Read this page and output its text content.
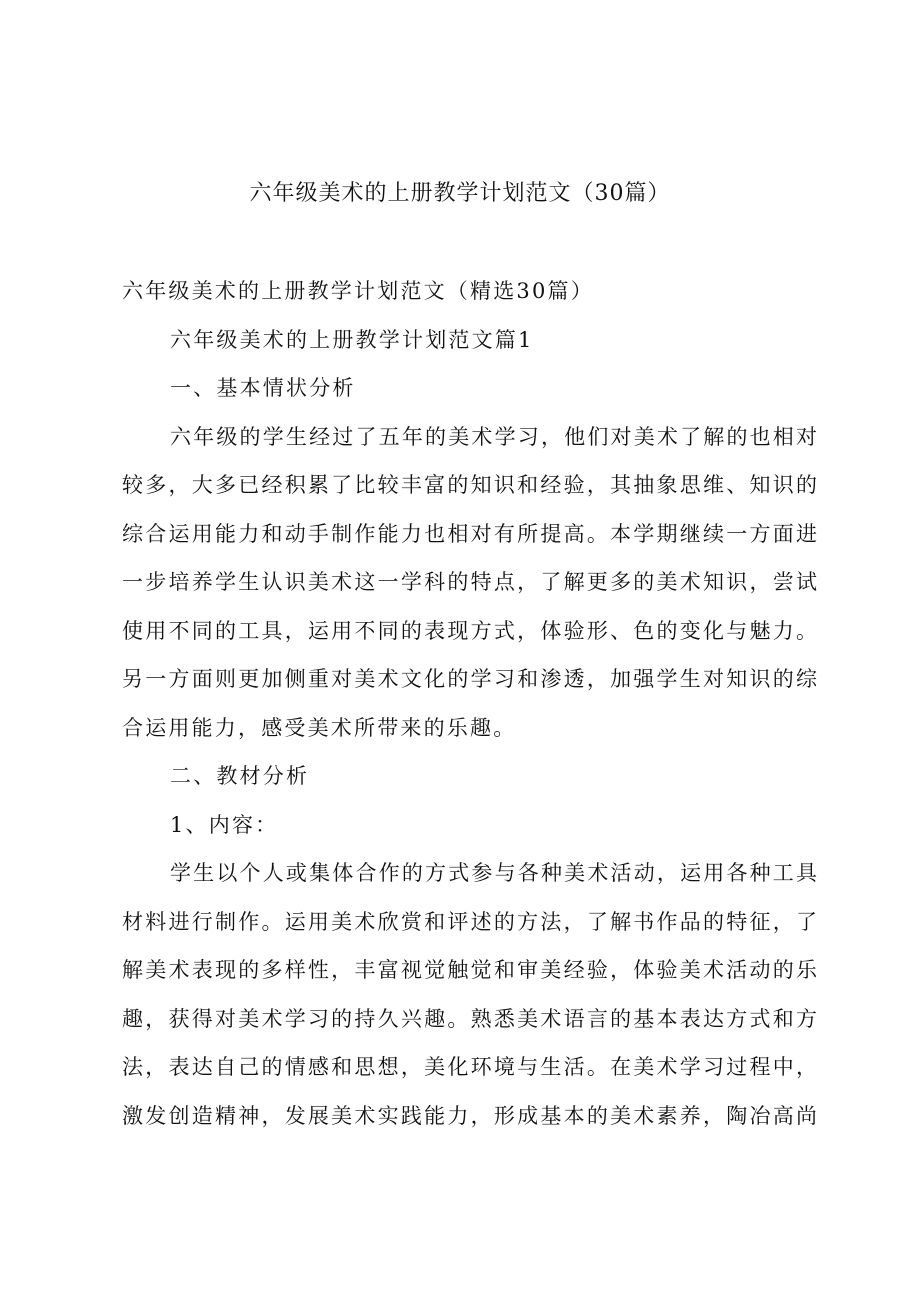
六年级美术的上册教学计划范文（30篇）
六年级美术的上册教学计划范文（精选30篇）
六年级美术的上册教学计划范文篇1
一、基本情状分析
六年级的学生经过了五年的美术学习，他们对美术了解的也相对
较多，大多已经积累了比较丰富的知识和经验，其抽象思维、知识的
综合运用能力和动手制作能力也相对有所提高。本学期继续一方面进
一步培养学生认识美术这一学科的特点，了解更多的美术知识，尝试
使用不同的工具，运用不同的表现方式，体验形、色的变化与魅力。
另一方面则更加侧重对美术文化的学习和渗透，加强学生对知识的综
合运用能力，感受美术所带来的乐趣。
二、教材分析
1、内容：
学生以个人或集体合作的方式参与各种美术活动，运用各种工具
材料进行制作。运用美术欣赏和评述的方法，了解书作品的特征，了
解美术表现的多样性，丰富视觉触觉和审美经验，体验美术活动的乐
趣，获得对美术学习的持久兴趣。熟悉美术语言的基本表达方式和方
法，表达自己的情感和思想，美化环境与生活。在美术学习过程中，
激发创造精神，发展美术实践能力，形成基本的美术素养，陶冶高尚
